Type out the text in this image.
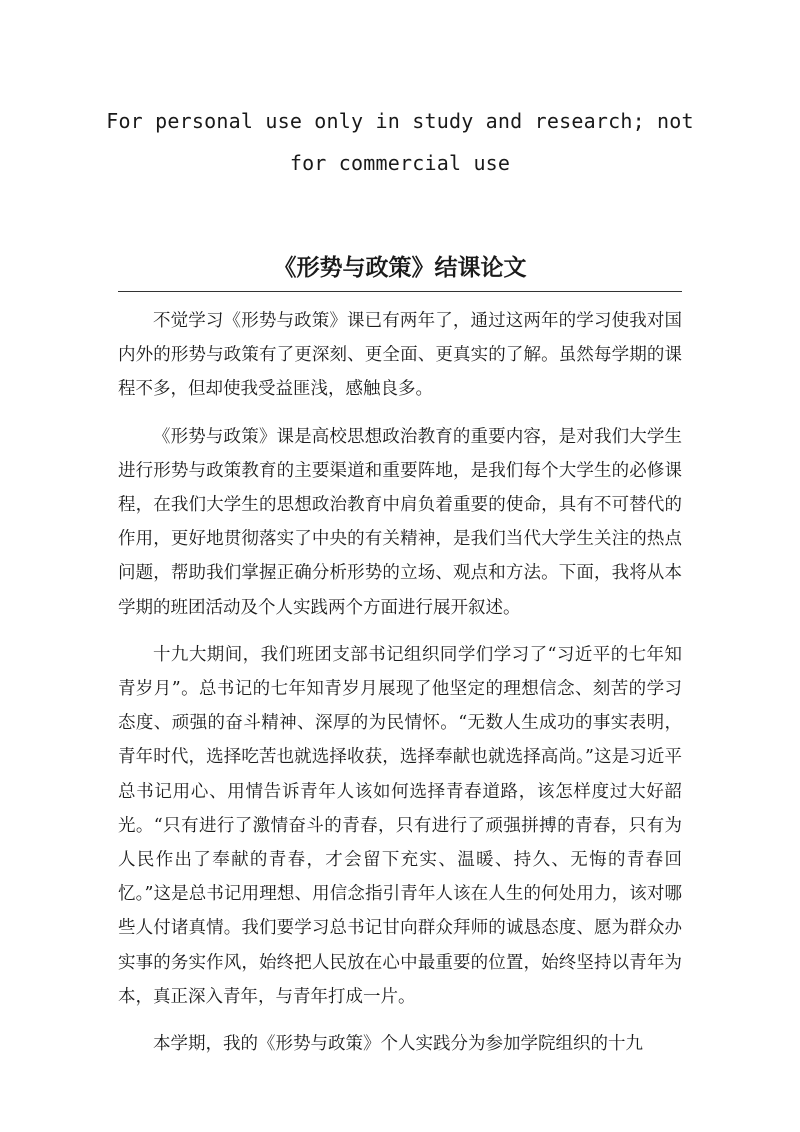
For personal use only in study and research; not
for commercial use
《形势与政策》结课论文

不觉学习《形势与政策》课已有两年了，通过这两年的学习使我对国内外的形势与政策有了更深刻、更全面、更真实的了解。虽然每学期的课程不多，但却使我受益匪浅，感触良多。

《形势与政策》课是高校思想政治教育的重要内容，是对我们大学生进行形势与政策教育的主要渠道和重要阵地，是我们每个大学生的必修课程，在我们大学生的思想政治教育中肩负着重要的使命，具有不可替代的作用，更好地贯彻落实了中央的有关精神，是我们当代大学生关注的热点问题，帮助我们掌握正确分析形势的立场、观点和方法。下面，我将从本学期的班团活动及个人实践两个方面进行展开叙述。

十九大期间，我们班团支部书记组织同学们学习了“习近平的七年知青岁月”。总书记的七年知青岁月展现了他坚定的理想信念、刻苦的学习态度、顽强的奋斗精神、深厚的为民情怀。“无数人生成功的事实表明，青年时代，选择吃苦也就选择收获，选择奉献也就选择高尚。”这是习近平总书记用心、用情告诉青年人该如何选择青春道路，该怎样度过大好韶光。“只有进行了激情奋斗的青春，只有进行了顽强拼搏的青春，只有为人民作出了奉献的青春，才会留下充实、温暖、持久、无悔的青春回忆。”这是总书记用理想、用信念指引青年人该在人生的何处用力，该对哪些人付诸真情。我们要学习总书记甘向群众拜师的诚恳态度、愿为群众办实事的务实作风，始终把人民放在心中最重要的位置，始终坚持以青年为本，真正深入青年，与青年打成一片。

本学期，我的《形势与政策》个人实践分为参加学院组织的十九
